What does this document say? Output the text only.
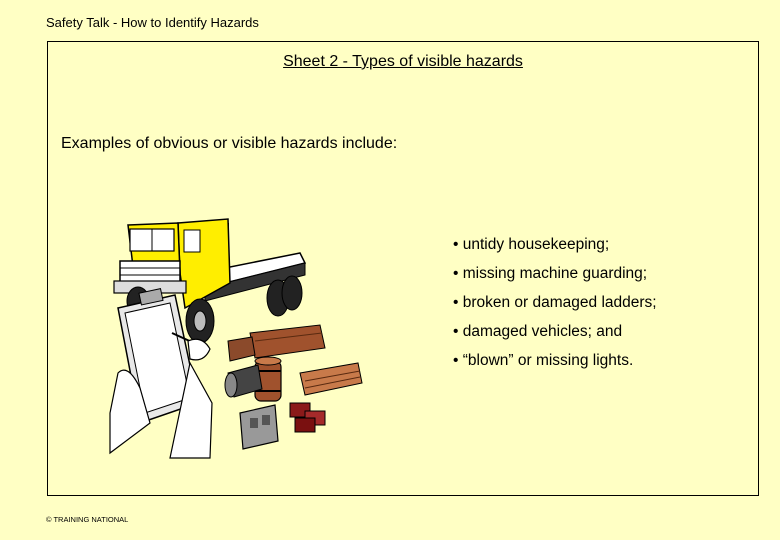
Safety Talk - How to Identify Hazards
Sheet 2 - Types of visible hazards
Examples of obvious or visible hazards include:
• untidy housekeeping;
• missing machine guarding;
• broken or damaged ladders;
• damaged vehicles; and
• “blown” or missing lights.
© TRAINING NATIONAL
